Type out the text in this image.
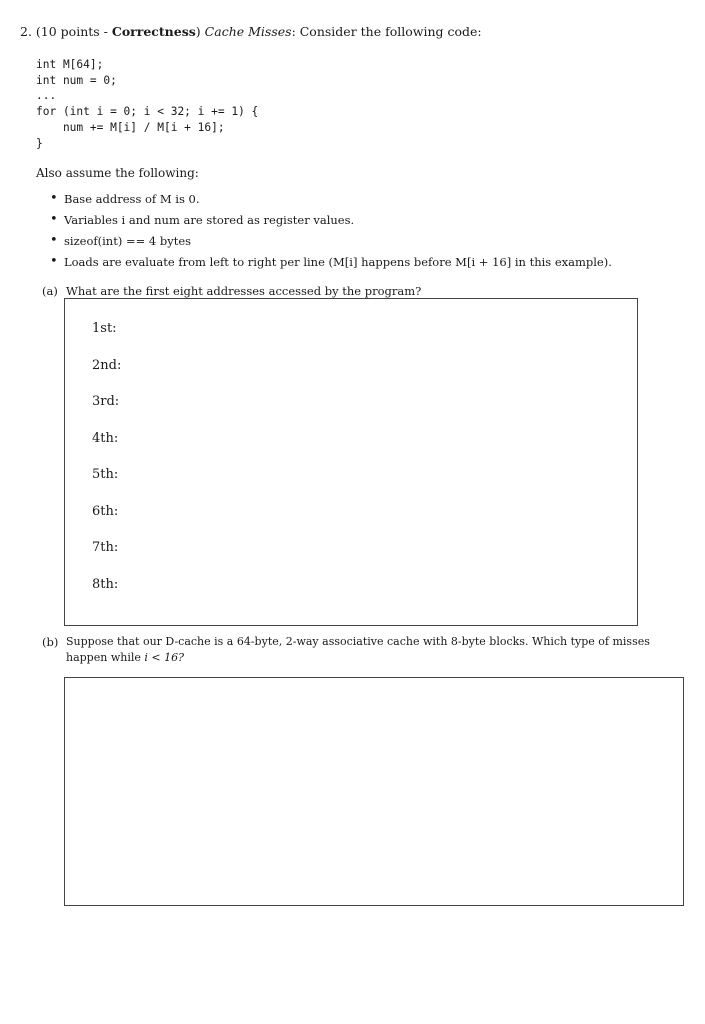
2. (10 points - Correctness) Cache Misses: Consider the following code:
int M[64];
int num = 0;
...
for (int i = 0; i < 32; i += 1) {
num += M[i] / M[i + 16];
}
Also assume the following:
• Base address of M is 0.
• Variables i and num are stored as register values.
• sizeof(int) == 4 bytes
• Loads are evaluate from left to right per line (M[i] happens before M[i + 16] in this example).
(a) What are the first eight addresses accessed by the program?
1st:
2nd:
3rd:
4th:
5th:
6th:
7th:
8th:
(b) Suppose that our D-cache is a 64-byte, 2-way associative cache with 8-byte blocks. Which type of misses
happen while i < 16?
